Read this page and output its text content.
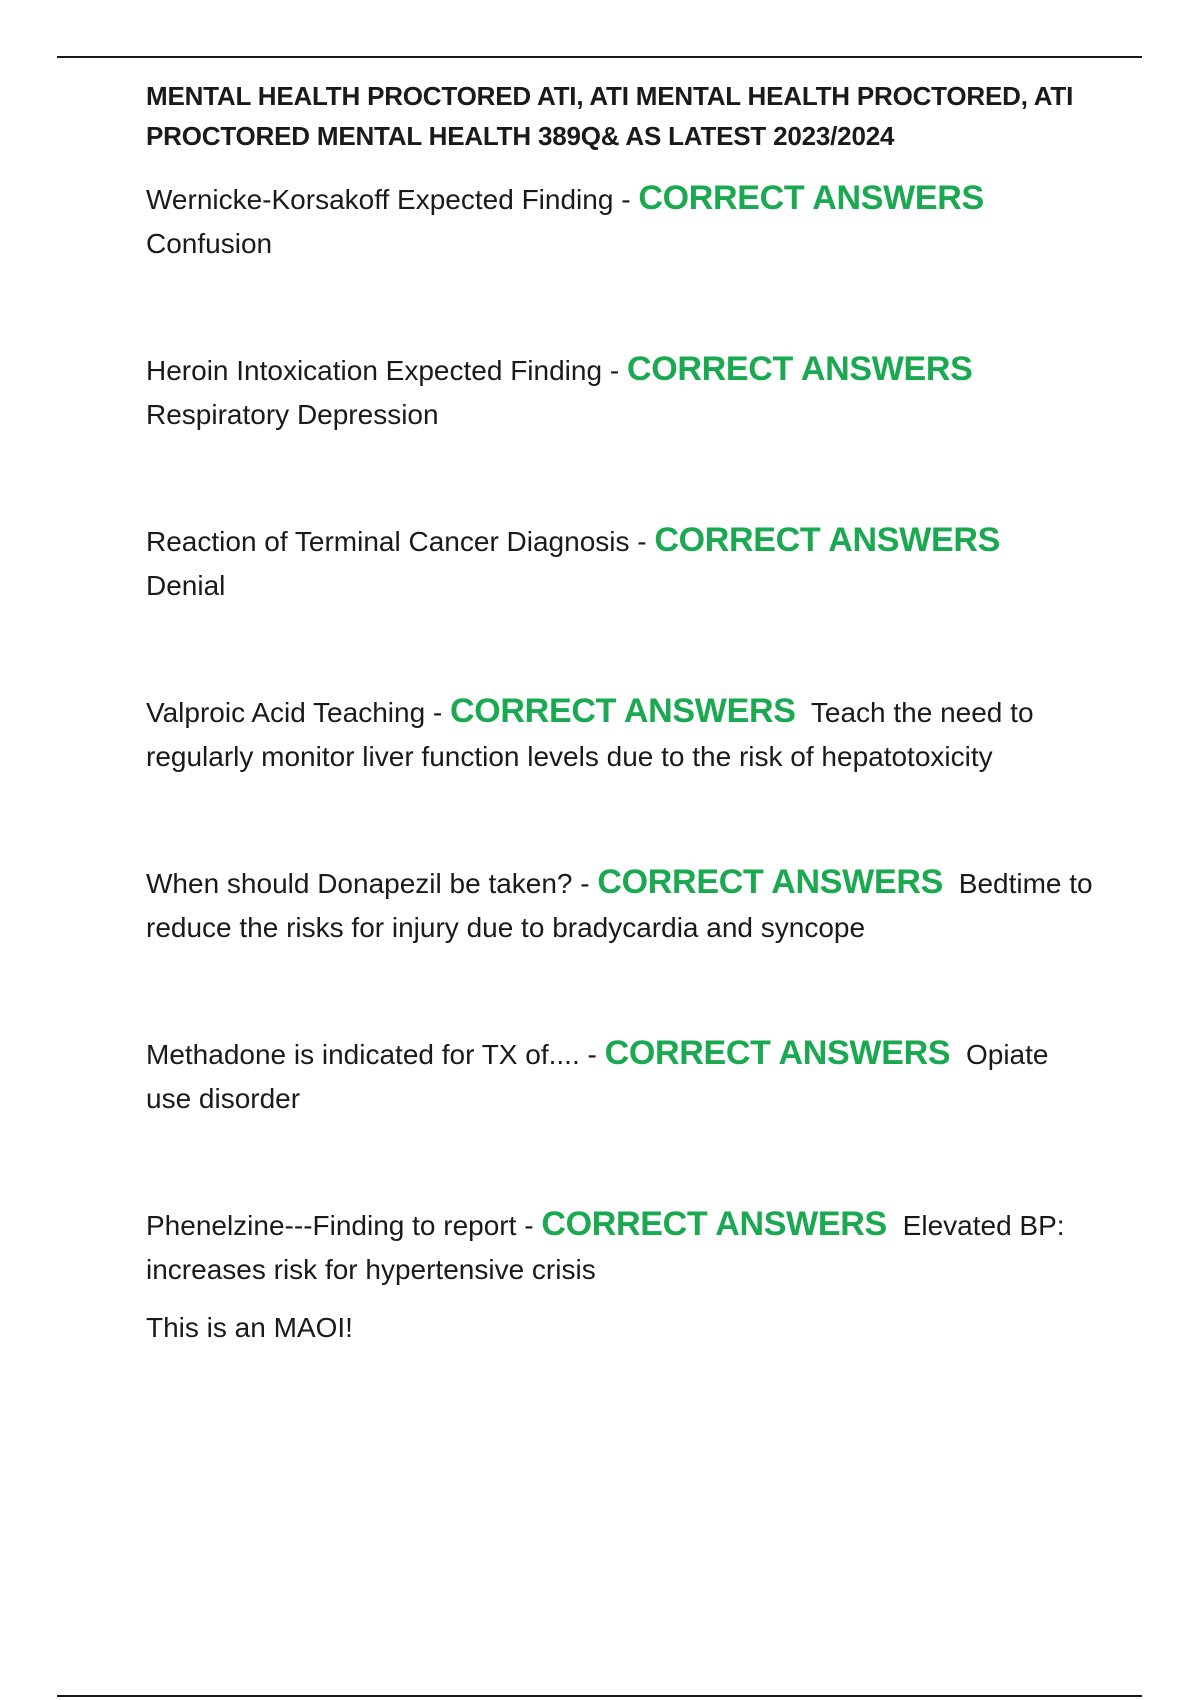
MENTAL HEALTH PROCTORED ATI, ATI MENTAL HEALTH PROCTORED, ATI PROCTORED MENTAL HEALTH 389Q& AS LATEST 2023/2024

Wernicke-Korsakoff Expected Finding - CORRECT ANSWERS
Confusion

Heroin Intoxication Expected Finding - CORRECT ANSWERS
Respiratory Depression

Reaction of Terminal Cancer Diagnosis - CORRECT ANSWERS
Denial

Valproic Acid Teaching - CORRECT ANSWERS Teach the need to regularly monitor liver function levels due to the risk of hepatotoxicity

When should Donapezil be taken? - CORRECT ANSWERS Bedtime to reduce the risks for injury due to bradycardia and syncope

Methadone is indicated for TX of.... - CORRECT ANSWERS Opiate use disorder

Phenelzine---Finding to report - CORRECT ANSWERS Elevated BP: increases risk for hypertensive crisis

This is an MAOI!
